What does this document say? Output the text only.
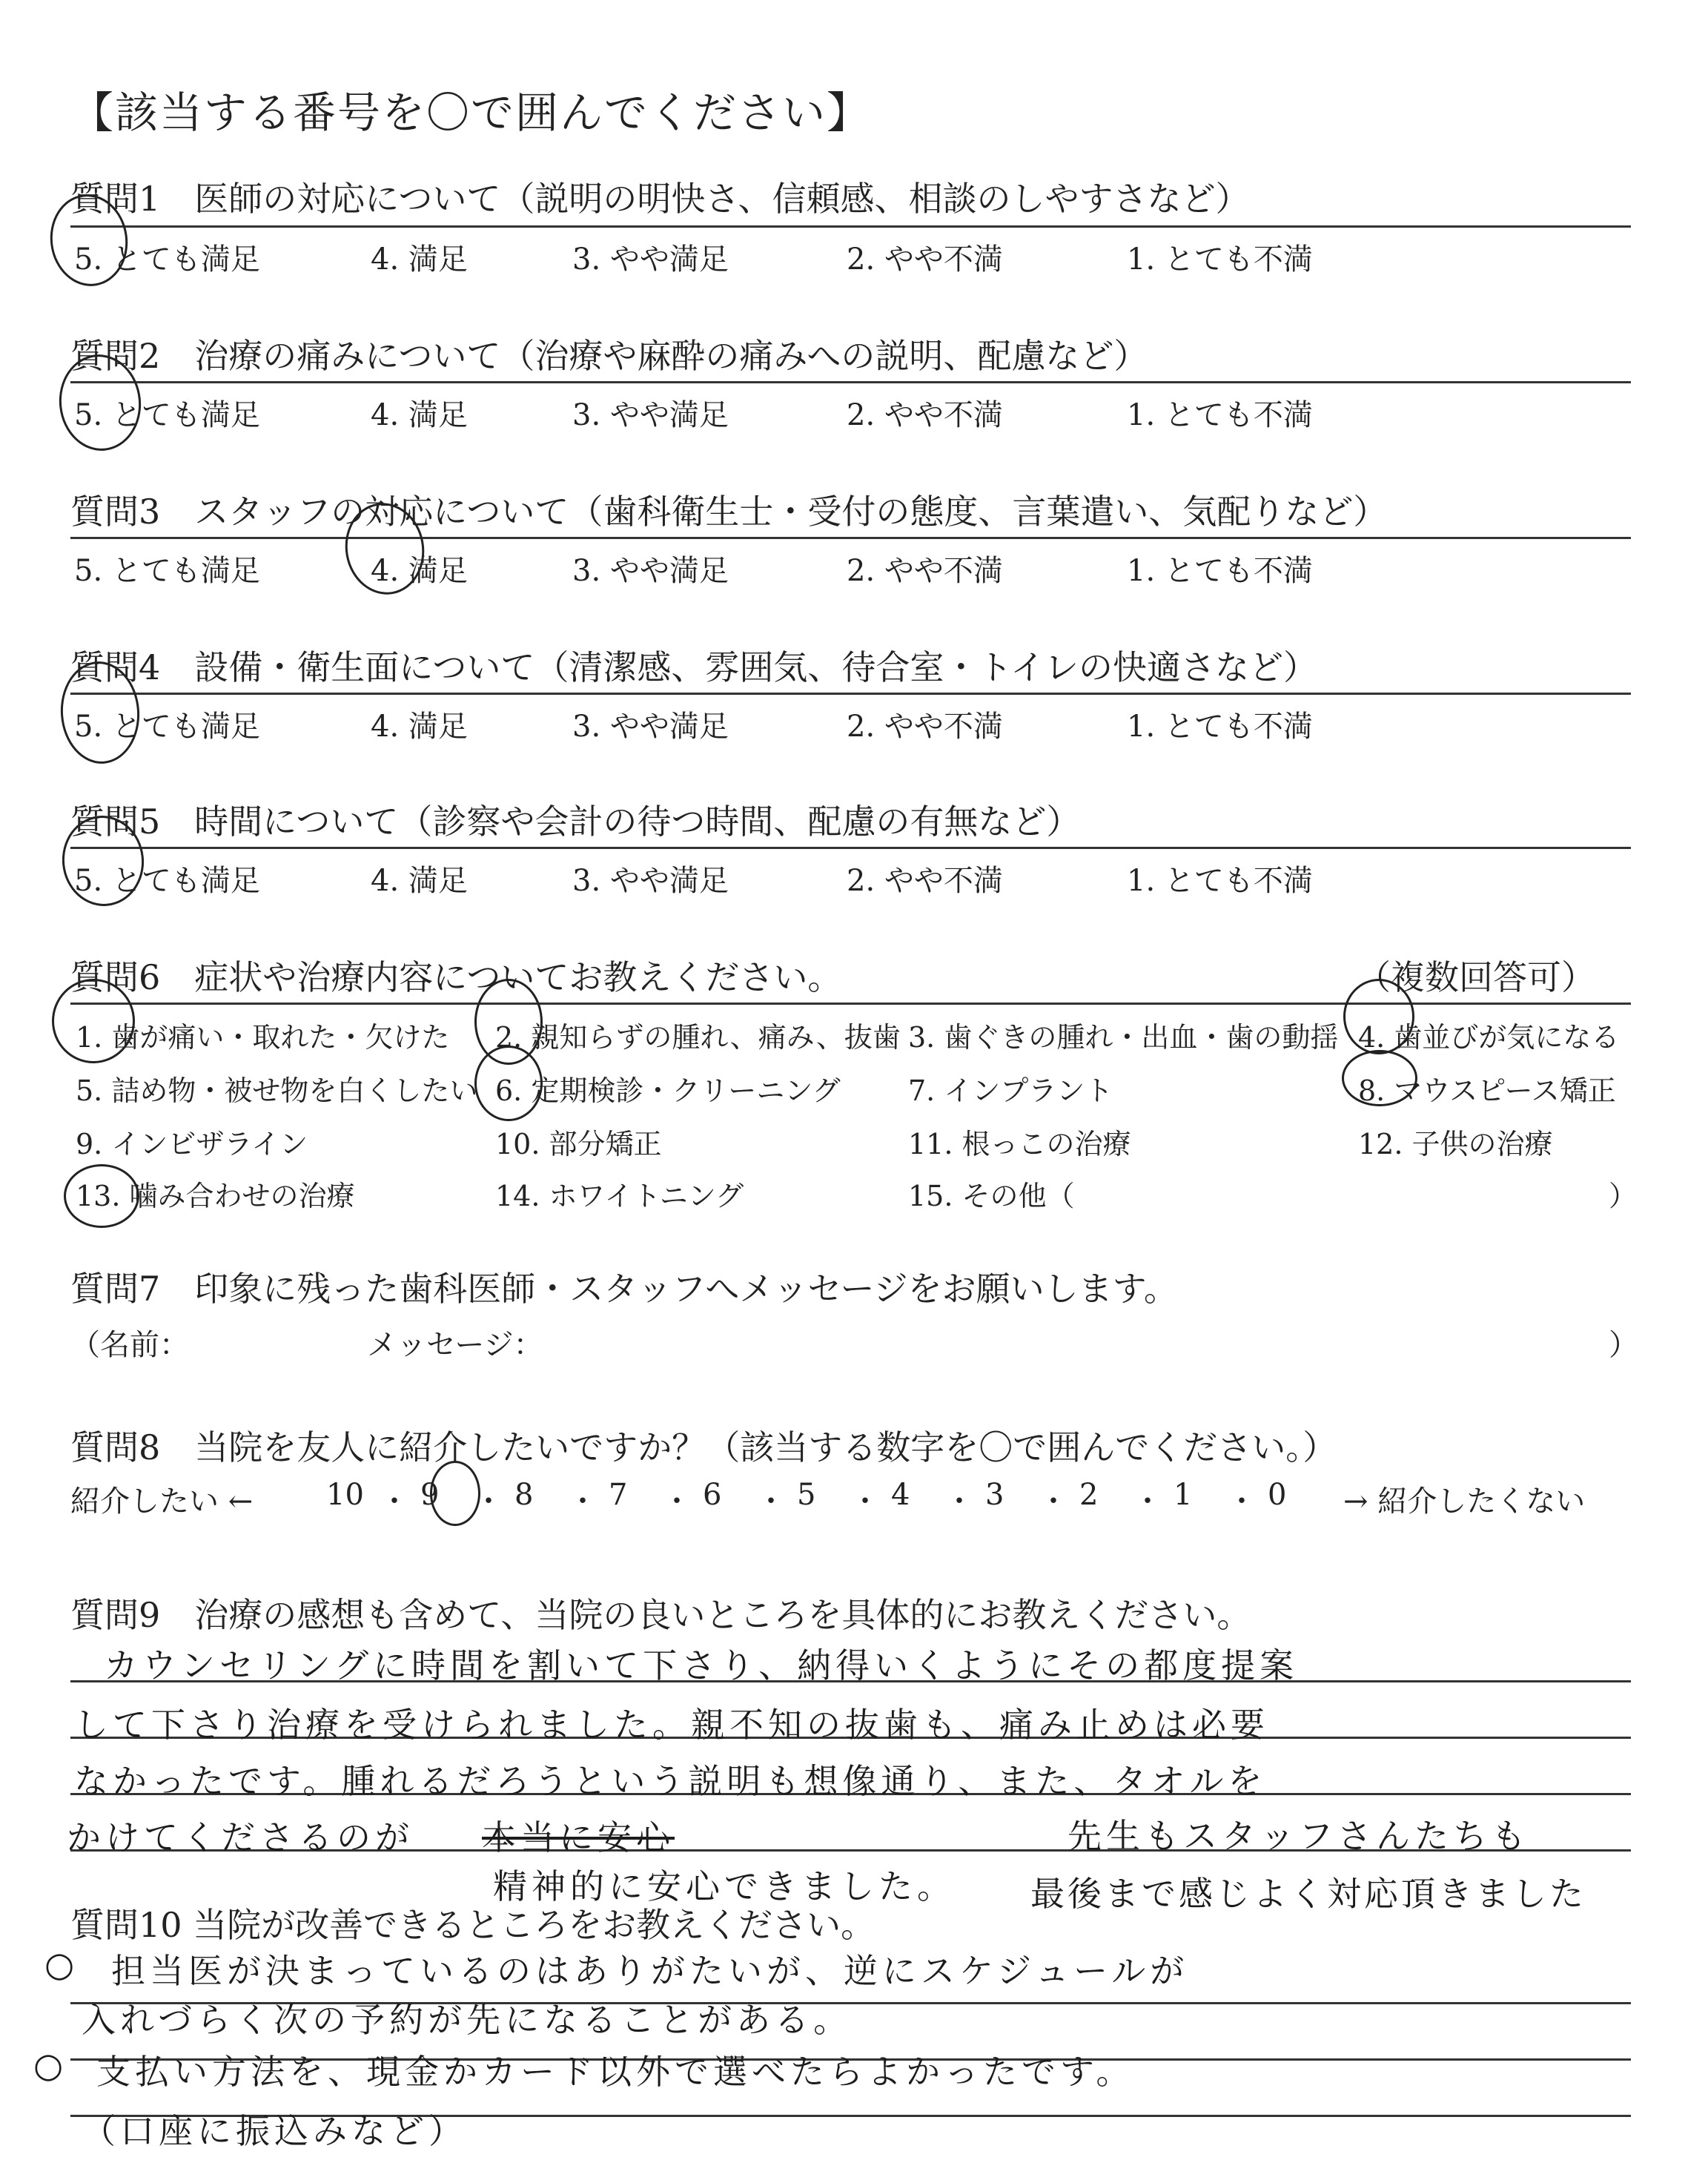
【該当する番号を〇で囲んでください】
質問1　医師の対応について（説明の明快さ、信頼感、相談のしやすさなど）
5. とても満足	4. 満足	3. やや満足	2. やや不満	1. とても不満
質問2　治療の痛みについて（治療や麻酔の痛みへの説明、配慮など）
5. とても満足	4. 満足	3. やや満足	2. やや不満	1. とても不満
質問3　スタッフの対応について（歯科衛生士・受付の態度、言葉遣い、気配りなど）
5. とても満足	4. 満足	3. やや満足	2. やや不満	1. とても不満
質問4　設備・衛生面について（清潔感、雰囲気、待合室・トイレの快適さなど）
5. とても満足	4. 満足	3. やや満足	2. やや不満	1. とても不満
質問5　時間について（診察や会計の待つ時間、配慮の有無など）
5. とても満足	4. 満足	3. やや満足	2. やや不満	1. とても不満
質問6　症状や治療内容についてお教えください。	（複数回答可）
1. 歯が痛い・取れた・欠けた 2. 親知らずの腫れ、痛み、抜歯 3. 歯ぐきの腫れ・出血・歯の動揺 4. 歯並びが気になる
5. 詰め物・被せ物を白くしたい 6. 定期検診・クリーニング 7. インプラント	8. マウスピース矯正
9. インビザライン	10. 部分矯正	11. 根っこの治療	12. 子供の治療
13. 噛み合わせの治療	14. ホワイトニング	15. その他（	）
質問7　印象に残った歯科医師・スタッフへメッセージをお願いします。
（名前：	メッセージ：	）
質問8　当院を友人に紹介したいですか？（該当する数字を〇で囲んでください。）
紹介したい ←	→ 紹介したくない
10 ・ 9 ・ 8 ・ 7 ・ 6 ・ 5 ・ 4 ・ 3 ・ 2 ・ 1 ・ 0
質問9　治療の感想も含めて、当院の良いところを具体的にお教えください。
カウンセリングに時間を割いて下さり、納得いくようにその都度提案
して下さり治療を受けられました。親不知の抜歯も、痛み止めは必要
なかったです。腫れるだろうという説明も想像通り、また、タオルを
かけてくださるのが 本当に安心	先生もスタッフさんたちも
精神的に安心できました。 最後まで感じよく対応頂きました
質問10 当院が改善できるところをお教えください。
○ 担当医が決まっているのはありがたいが、逆にスケジュールが
入れづらく次の予約が先になることがある。
○ 支払い方法を、現金かカード以外で選べたらよかったです。
（口座に振込みなど）
